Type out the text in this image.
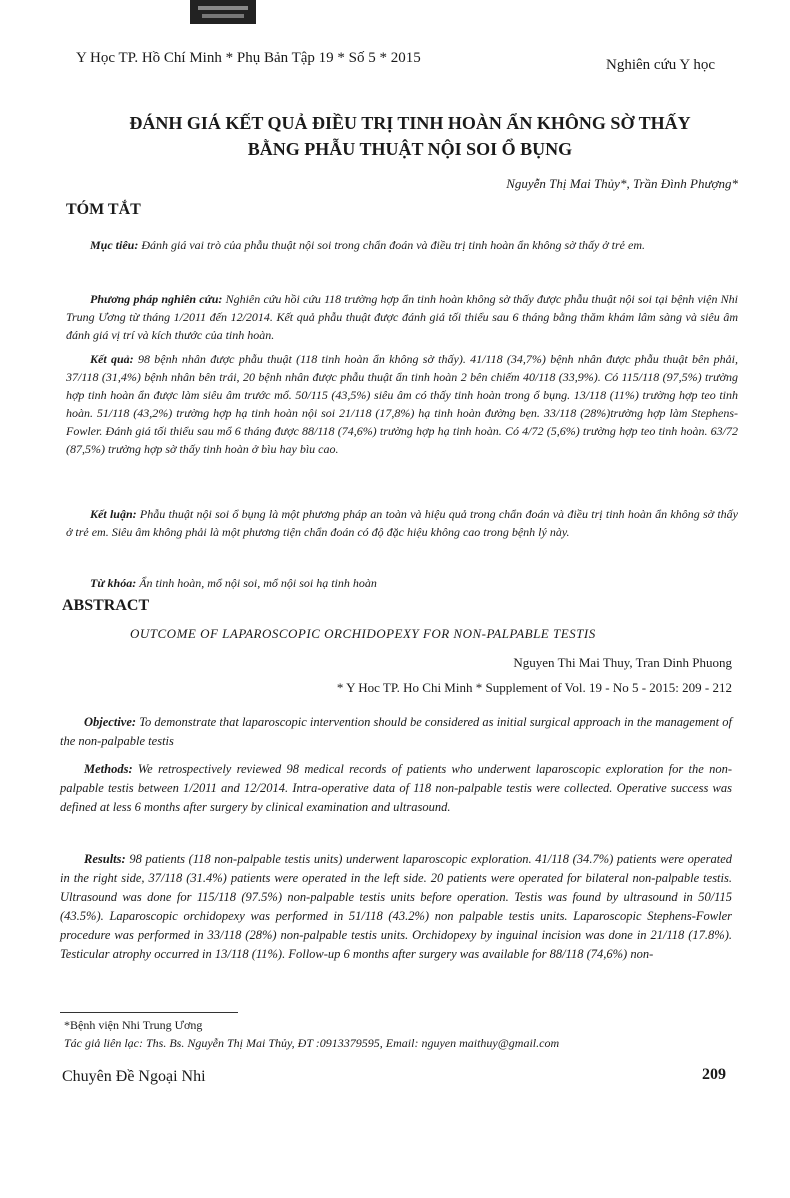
Y Học TP. Hồ Chí Minh * Phụ Bản Tập 19 * Số 5 * 2015	Nghiên cứu Y học
ĐÁNH GIÁ KẾT QUẢ ĐIỀU TRỊ TINH HOÀN ẨN KHÔNG SỜ THẤY
BẰNG PHẪU THUẬT NỘI SOI Ổ BỤNG
Nguyễn Thị Mai Thủy*, Trần Đình Phượng*
TÓM TẮT

Mục tiêu: Đánh giá vai trò của phẫu thuật nội soi trong chẩn đoán và điều trị tinh hoàn ẩn không sờ thấy ở trẻ em.

Phương pháp nghiên cứu: Nghiên cứu hồi cứu 118 trường hợp ẩn tinh hoàn không sờ thấy được phẫu thuật nội soi tại bệnh viện Nhi Trung Ương từ tháng 1/2011 đến 12/2014. Kết quả phẫu thuật được đánh giá tối thiểu sau 6 tháng bằng thăm khám lâm sàng và siêu âm đánh giá vị trí và kích thước của tinh hoàn.

Kết quả: 98 bệnh nhân được phẫu thuật (118 tinh hoàn ẩn không sờ thấy). 41/118 (34,7%) bệnh nhân được phẫu thuật bên phải, 37/118 (31,4%) bệnh nhân bên trái, 20 bệnh nhân được phẫu thuật ẩn tinh hoàn 2 bên chiếm 40/118 (33,9%). Có 115/118 (97,5%) trường hợp tinh hoàn ẩn được làm siêu âm trước mổ. 50/115 (43,5%) siêu âm có thấy tinh hoàn trong ổ bụng. 13/118 (11%) trường hợp teo tinh hoàn. 51/118 (43,2%) trường hợp hạ tinh hoàn nội soi 21/118 (17,8%) hạ tinh hoàn đường bẹn. 33/118 (28%)trường hợp làm Stephens-Fowler. Đánh giá tối thiểu sau mổ 6 tháng được 88/118 (74,6%) trường hợp hạ tinh hoàn. Có 4/72 (5,6%) trường hợp teo tinh hoàn. 63/72 (87,5%) trường hợp sờ thấy tinh hoàn ở bìu hay bìu cao.

Kết luận: Phẫu thuật nội soi ổ bụng là một phương pháp an toàn và hiệu quả trong chẩn đoán và điều trị tinh hoàn ẩn không sờ thấy ở trẻ em. Siêu âm không phải là một phương tiện chẩn đoán có độ đặc hiệu không cao trong bệnh lý này.

Từ khóa: Ẩn tinh hoàn, mổ nội soi, mổ nội soi hạ tinh hoàn

ABSTRACT
OUTCOME OF LAPAROSCOPIC ORCHIDOPEXY FOR NON-PALPABLE TESTIS
Nguyen Thi Mai Thuy, Tran Dinh Phuong
* Y Hoc TP. Ho Chi Minh * Supplement of Vol. 19 - No 5 - 2015: 209 - 212

Objective: To demonstrate that laparoscopic intervention should be considered as initial surgical approach in the management of the non-palpable testis

Methods: We retrospectively reviewed 98 medical records of patients who underwent laparoscopic exploration for the non-palpable testis between 1/2011 and 12/2014. Intra-operative data of 118 non-palpable testis were collected. Operative success was defined at less 6 months after surgery by clinical examination and ultrasound.

Results: 98 patients (118 non-palpable testis units) underwent laparoscopic exploration. 41/118 (34.7%) patients were operated in the right side, 37/118 (31.4%) patients were operated in the left side. 20 patients were operated for bilateral non-palpable testis. Ultrasound was done for 115/118 (97.5%) non-palpable testis units before operation. Testis was found by ultrasound in 50/115 (43.5%). Laparoscopic orchidopexy was performed in 51/118 (43.2%) non palpable testis units. Laparoscopic Stephens-Fowler procedure was performed in 33/118 (28%) non-palpable testis units. Orchidopexy by inguinal incision was done in 21/118 (17.8%). Testicular atrophy occurred in 13/118 (11%). Follow-up 6 months after surgery was available for 88/118 (74,6%) non-

*Bệnh viện Nhi Trung Ương
Tác giả liên lạc: Ths. Bs. Nguyễn Thị Mai Thủy, ĐT :0913379595, Email: nguyen maithuy@gmail.com
Chuyên Đề Ngoại Nhi	209
